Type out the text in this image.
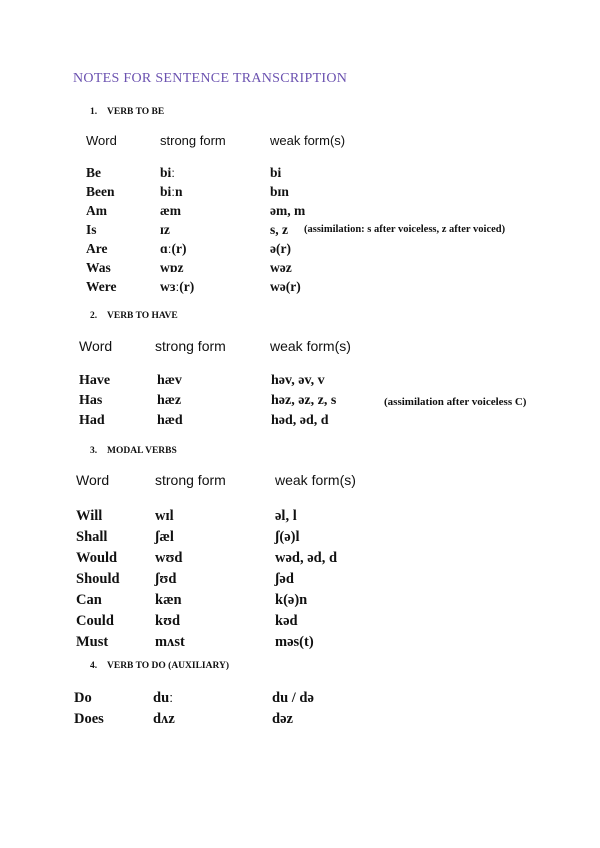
NOTES FOR SENTENCE TRANSCRIPTION
1. VERB TO BE
Word	strong form	weak form(s)
Be	biː	bi
Been	biːn	bɪn
Am	æm	əm, m
Is	ɪz	s, z (assimilation: s after voiceless, z after voiced)
Are	ɑː(r)	ə(r)
Was	wɒz	wəz
Were	wɜː(r)	wə(r)
2. VERB TO HAVE
Word	strong form	weak form(s)
Have	hæv	həv, əv, v
Has	hæz	həz, əz, z, s	(assimilation after voiceless C)
Had	hæd	həd, əd, d
3. MODAL VERBS
Word	strong form	weak form(s)
Will	wɪl	əl, l
Shall	ʃæl	ʃ(ə)l
Would	wʊd	wəd, əd, d
Should ʃʊd	ʃəd
Can	kæn	k(ə)n
Could	kʊd	kəd
Must	mʌst	məs(t)
4. VERB TO DO (AUXILIARY)
Do	duː	du / də
Does	dʌz	dəz
